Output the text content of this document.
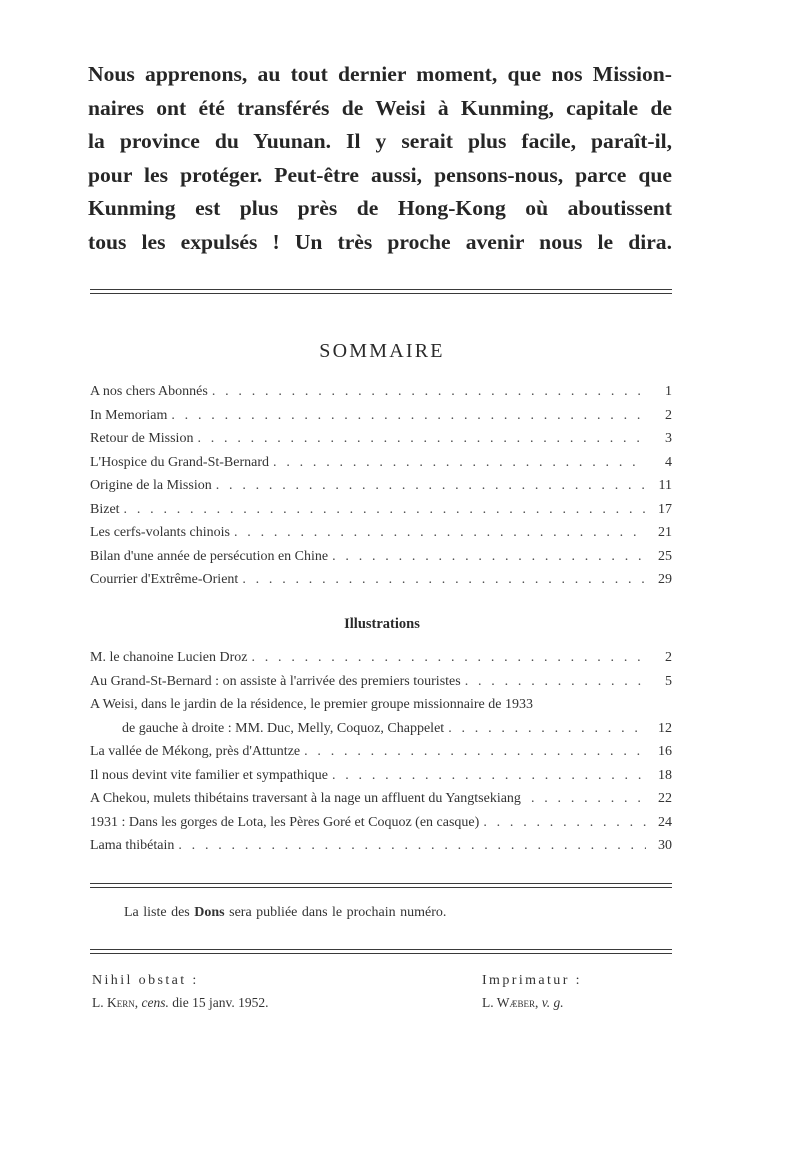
Nous apprenons, au tout dernier moment, que nos Mission-
naires ont été transférés de Weisi à Kunming, capitale de
la province du Yuunan. Il y serait plus facile, paraît-il,
pour les protéger. Peut-être aussi, pensons-nous, parce que
Kunming est plus près de Hong-Kong où aboutissent
tous les expulsés ! Un très proche avenir nous le dira.

SOMMAIRE
A nos chers Abonnés . . .	1
In Memoriam . . .	2
Retour de Mission . . .	3
L'Hospice du Grand-St-Bernard . . .	4
Origine de la Mission . . .	11
Bizet . . .	17
Les cerfs-volants chinois . . .	21
Bilan d'une année de persécution en Chine . . .	25
Courrier d'Extrême-Orient . . .	29
Illustrations
M. le chanoine Lucien Droz . . .	2
Au Grand-St-Bernard : on assiste à l'arrivée des premiers touristes . . .	5
A Weisi, dans le jardin de la résidence, le premier groupe missionnaire de 1933
de gauche à droite : MM. Duc, Melly, Coquoz, Chappelet . . .	12
La vallée de Mékong, près d'Attuntze . . .	16
Il nous devint vite familier et sympathique . . .	18
A Chekou, mulets thibétains traversant à la nage un affluent du Yangtsekiang . . .	22
1931 : Dans les gorges de Lota, les Pères Goré et Coquoz (en casque) . . .	24
Lama thibétain . . .	30

La liste des Dons sera publiée dans le prochain numéro.

Nihil obstat :

L. Kern, cens. die 15 janv. 1952.

Imprimatur :

L. Wæber, v. g.
